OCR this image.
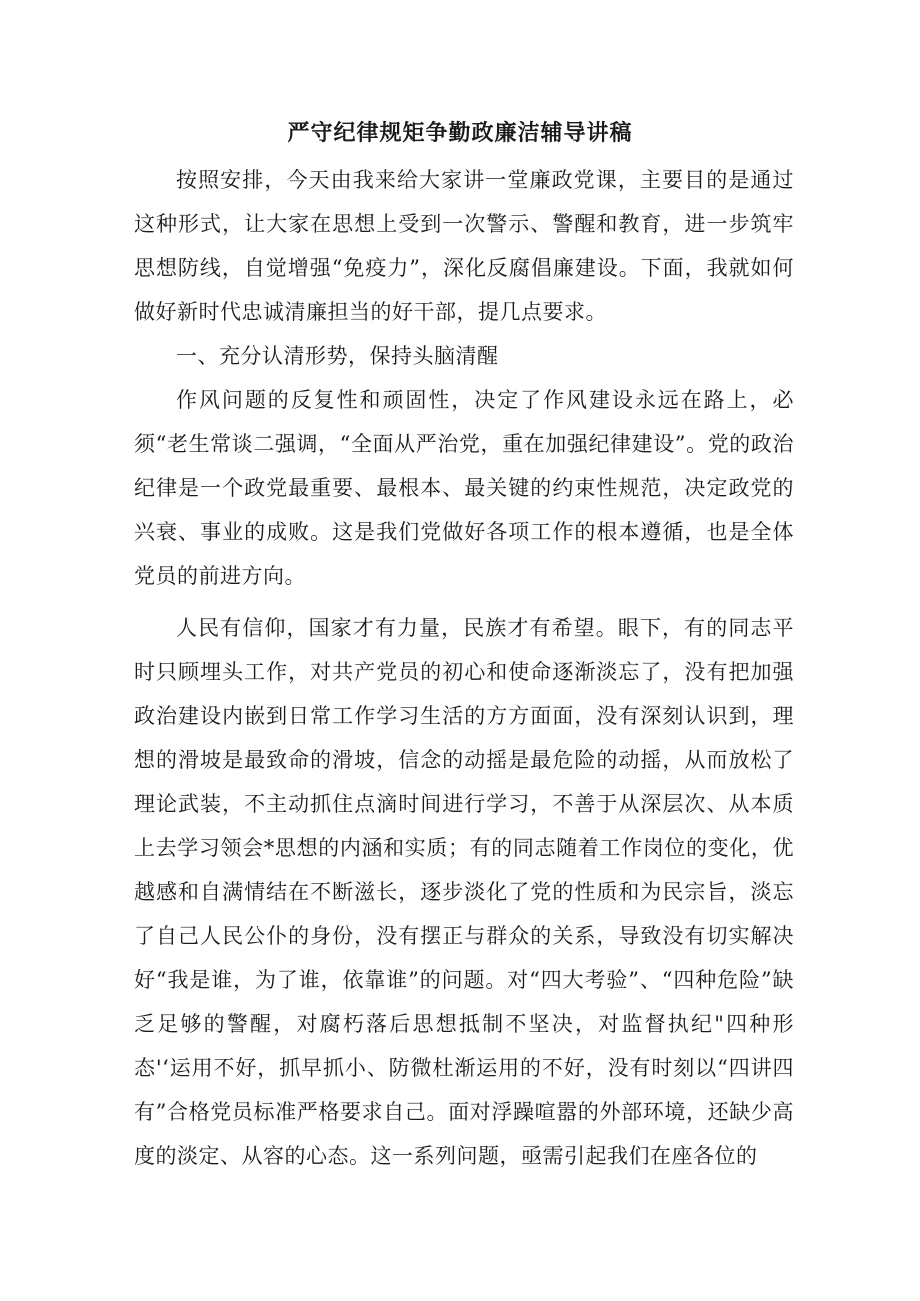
严守纪律规矩争勤政廉洁辅导讲稿

按照安排，今天由我来给大家讲一堂廉政党课，主要目的是通过这种形式，让大家在思想上受到一次警示、警醒和教育，进一步筑牢思想防线，自觉增强“免疫力”，深化反腐倡廉建设。下面，我就如何做好新时代忠诚清廉担当的好干部，提几点要求。

一、充分认清形势，保持头脑清醒

作风问题的反复性和顽固性，决定了作风建设永远在路上，必须“老生常谈二强调，“全面从严治党，重在加强纪律建设”。党的政治纪律是一个政党最重要、最根本、最关键的约束性规范，决定政党的兴衰、事业的成败。这是我们党做好各项工作的根本遵循，也是全体党员的前进方向。

人民有信仰，国家才有力量，民族才有希望。眼下，有的同志平时只顾埋头工作，对共产党员的初心和使命逐渐淡忘了，没有把加强政治建设内嵌到日常工作学习生活的方方面面，没有深刻认识到，理想的滑坡是最致命的滑坡，信念的动摇是最危险的动摇，从而放松了理论武装，不主动抓住点滴时间进行学习，不善于从深层次、从本质上去学习领会*思想的内涵和实质；有的同志随着工作岗位的变化，优越感和自满情结在不断滋长，逐步淡化了党的性质和为民宗旨，淡忘了自己人民公仆的身份，没有摆正与群众的关系，导致没有切实解决好“我是谁，为了谁，依靠谁”的问题。对“四大考验”、“四种危险”缺乏足够的警醒，对腐朽落后思想抵制不坚决，对监督执纪"四种形态'‘运用不好，抓早抓小、防微杜渐运用的不好，没有时刻以“四讲四有”合格党员标准严格要求自己。面对浮躁喧嚣的外部环境，还缺少高度的淡定、从容的心态。这一系列问题，亟需引起我们在座各位的
